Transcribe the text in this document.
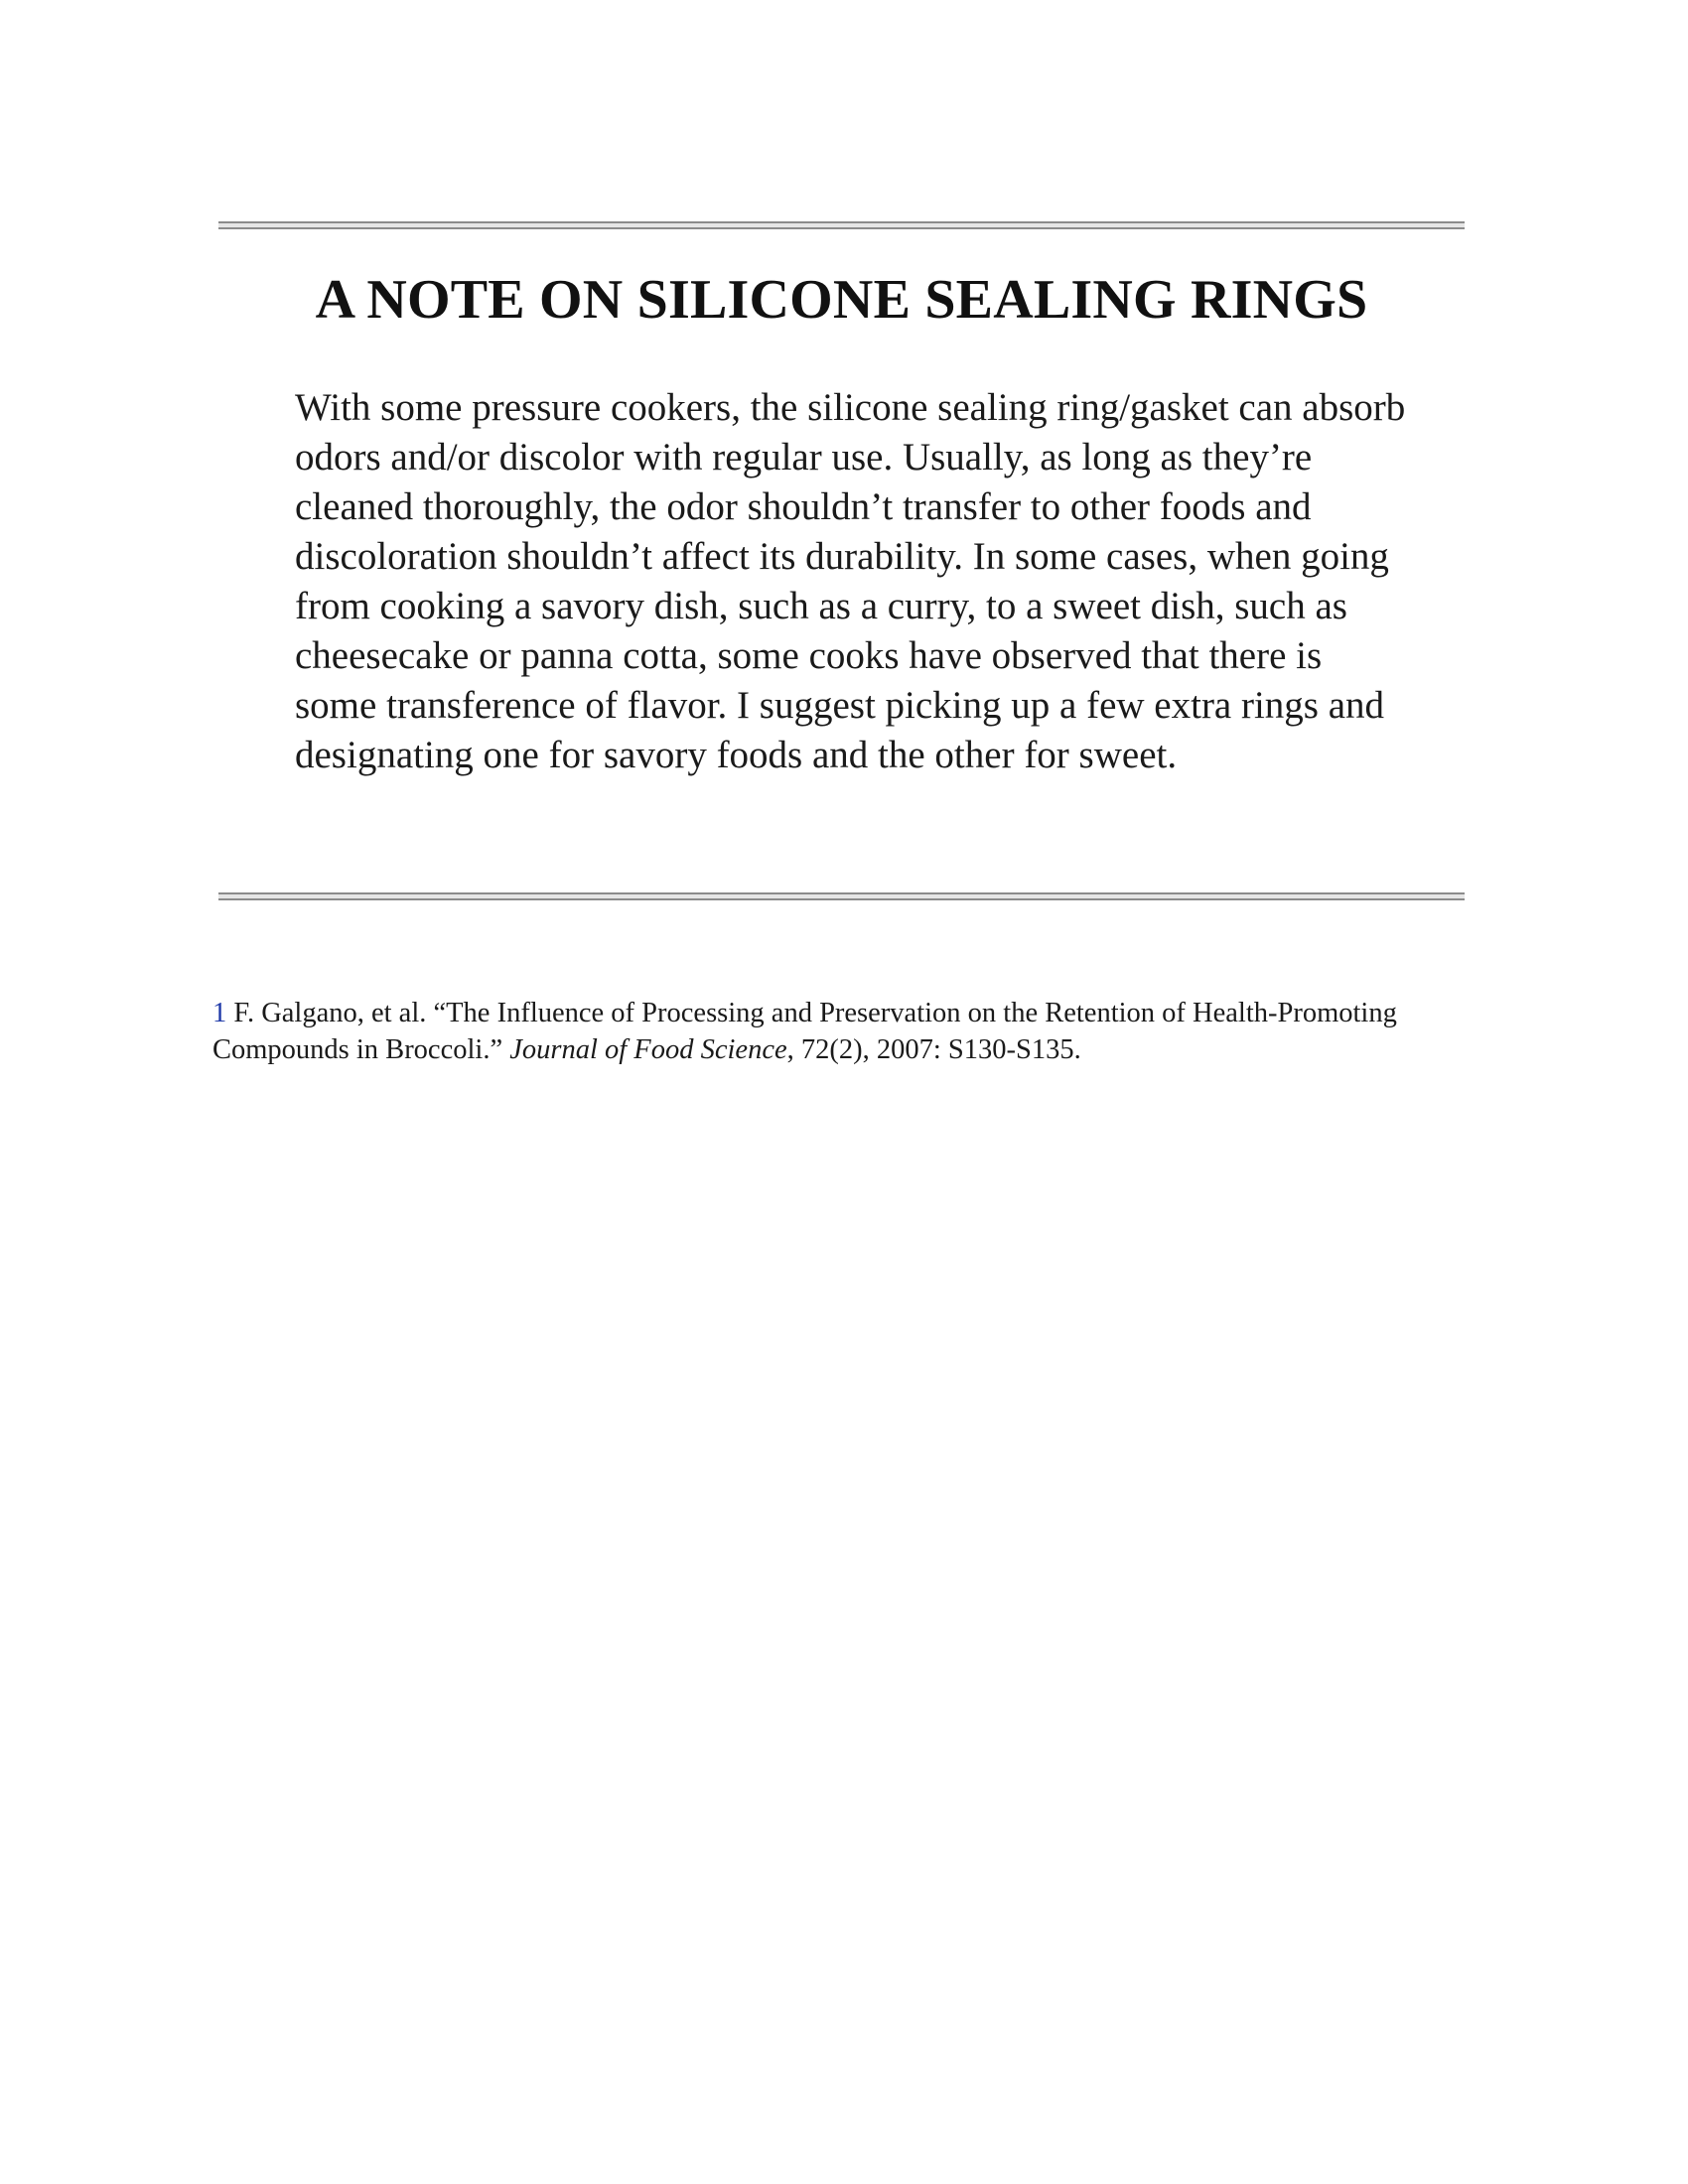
A NOTE ON SILICONE SEALING RINGS

With some pressure cookers, the silicone sealing ring/gasket can absorb odors and/or discolor with regular use. Usually, as long as they’re cleaned thoroughly, the odor shouldn’t transfer to other foods and discoloration shouldn’t affect its durability. In some cases, when going from cooking a savory dish, such as a curry, to a sweet dish, such as cheesecake or panna cotta, some cooks have observed that there is some transference of flavor. I suggest picking up a few extra rings and designating one for savory foods and the other for sweet.

1 F. Galgano, et al. “The Influence of Processing and Preservation on the Retention of Health-Promoting Compounds in Broccoli.” Journal of Food Science, 72(2), 2007: S130-S135.
